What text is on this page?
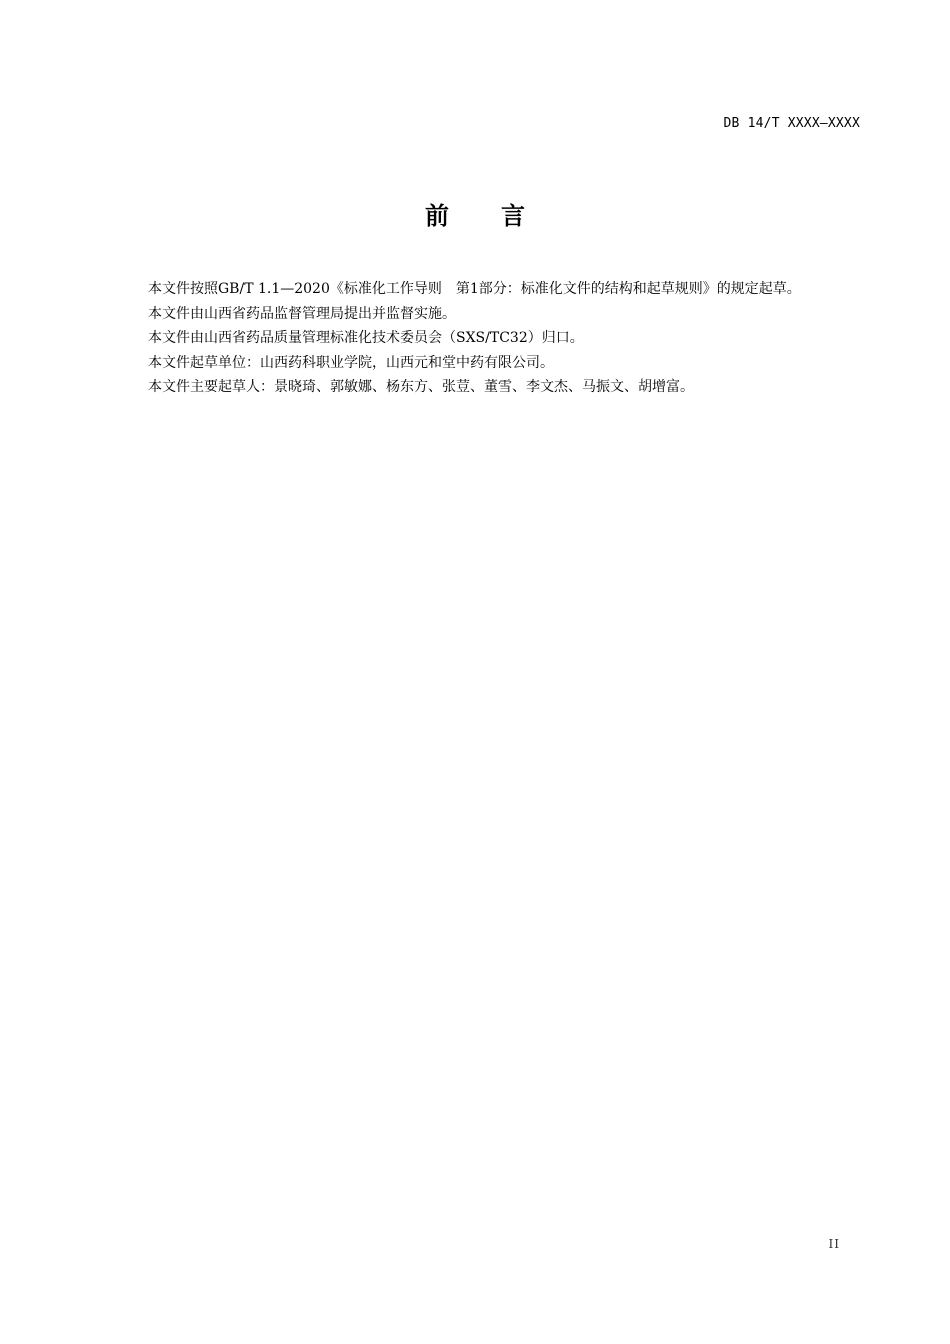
DB 14/T XXXX—XXXX
前 言

本文件按照GB/T 1.1—2020《标准化工作导则　第1部分：标准化文件的结构和起草规则》的规定起草。

本文件由山西省药品监督管理局提出并监督实施。

本文件由山西省药品质量管理标准化技术委员会（SXS/TC32）归口。

本文件起草单位：山西药科职业学院，山西元和堂中药有限公司。

本文件主要起草人：景晓琦、郭敏娜、杨东方、张荳、董雪、李文杰、马振文、胡增富。

II
